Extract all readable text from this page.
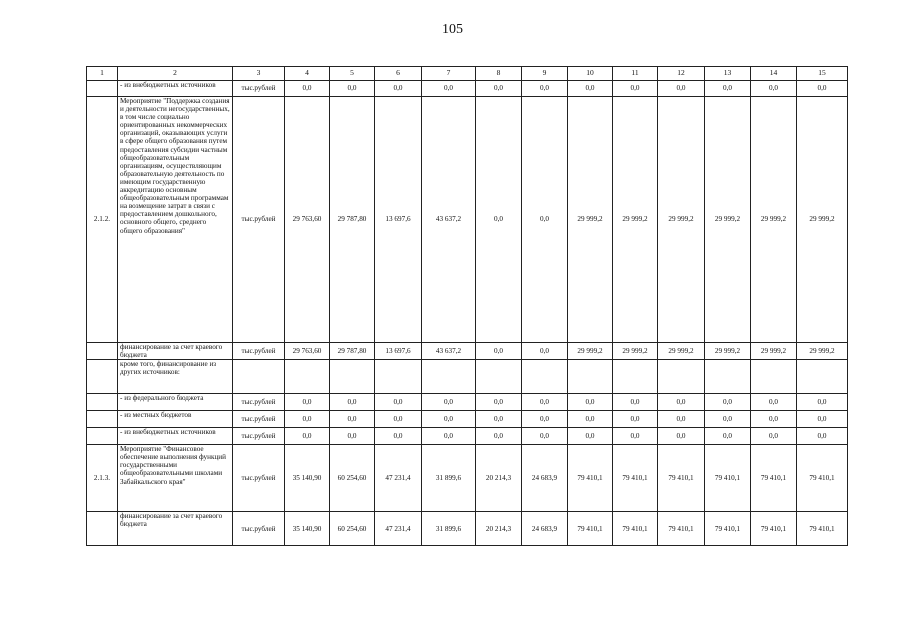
105
1	2	3	4	5	6	7	8	9	10	11	12	13	14	15
	- из внебюджетных источников	тыс.рублей	0,0	0,0	0,0	0,0	0,0	0,0	0,0	0,0	0,0	0,0	0,0	0,0
2.1.2.	Мероприятие "Поддержка создания и деятельности негосударственных, в том числе социально ориентированных некоммерческих организаций, оказывающих услуги в сфере общего образования путем предоставления субсидии частным общеобразовательным организациям, осуществляющим образовательную деятельность по имеющим государственную аккредитацию основным общеобразовательным программам на возмещение затрат в связи с предоставлением дошкольного, основного общего, среднего общего образования"	тыс.рублей	29 763,60	29 787,80	13 697,6	43 637,2	0,0	0,0	29 999,2	29 999,2	29 999,2	29 999,2	29 999,2	29 999,2
	финансирование за счет краевого бюджета	тыс.рублей	29 763,60	29 787,80	13 697,6	43 637,2	0,0	0,0	29 999,2	29 999,2	29 999,2	29 999,2	29 999,2	29 999,2
	кроме того, финансирование из других источников:													
	- из федерального бюджета	тыс.рублей	0,0	0,0	0,0	0,0	0,0	0,0	0,0	0,0	0,0	0,0	0,0	0,0
	- из местных бюджетов	тыс.рублей	0,0	0,0	0,0	0,0	0,0	0,0	0,0	0,0	0,0	0,0	0,0	0,0
	- из внебюджетных источников	тыс.рублей	0,0	0,0	0,0	0,0	0,0	0,0	0,0	0,0	0,0	0,0	0,0	0,0
2.1.3.	Мероприятие "Финансовое обеспечение выполнения функций государственными общеобразовательными школами Забайкальского края"	тыс.рублей	35 140,90	60 254,60	47 231,4	31 899,6	20 214,3	24 683,9	79 410,1	79 410,1	79 410,1	79 410,1	79 410,1	79 410,1
	финансирование за счет краевого бюджета	тыс.рублей	35 140,90	60 254,60	47 231,4	31 899,6	20 214,3	24 683,9	79 410,1	79 410,1	79 410,1	79 410,1	79 410,1	79 410,1
